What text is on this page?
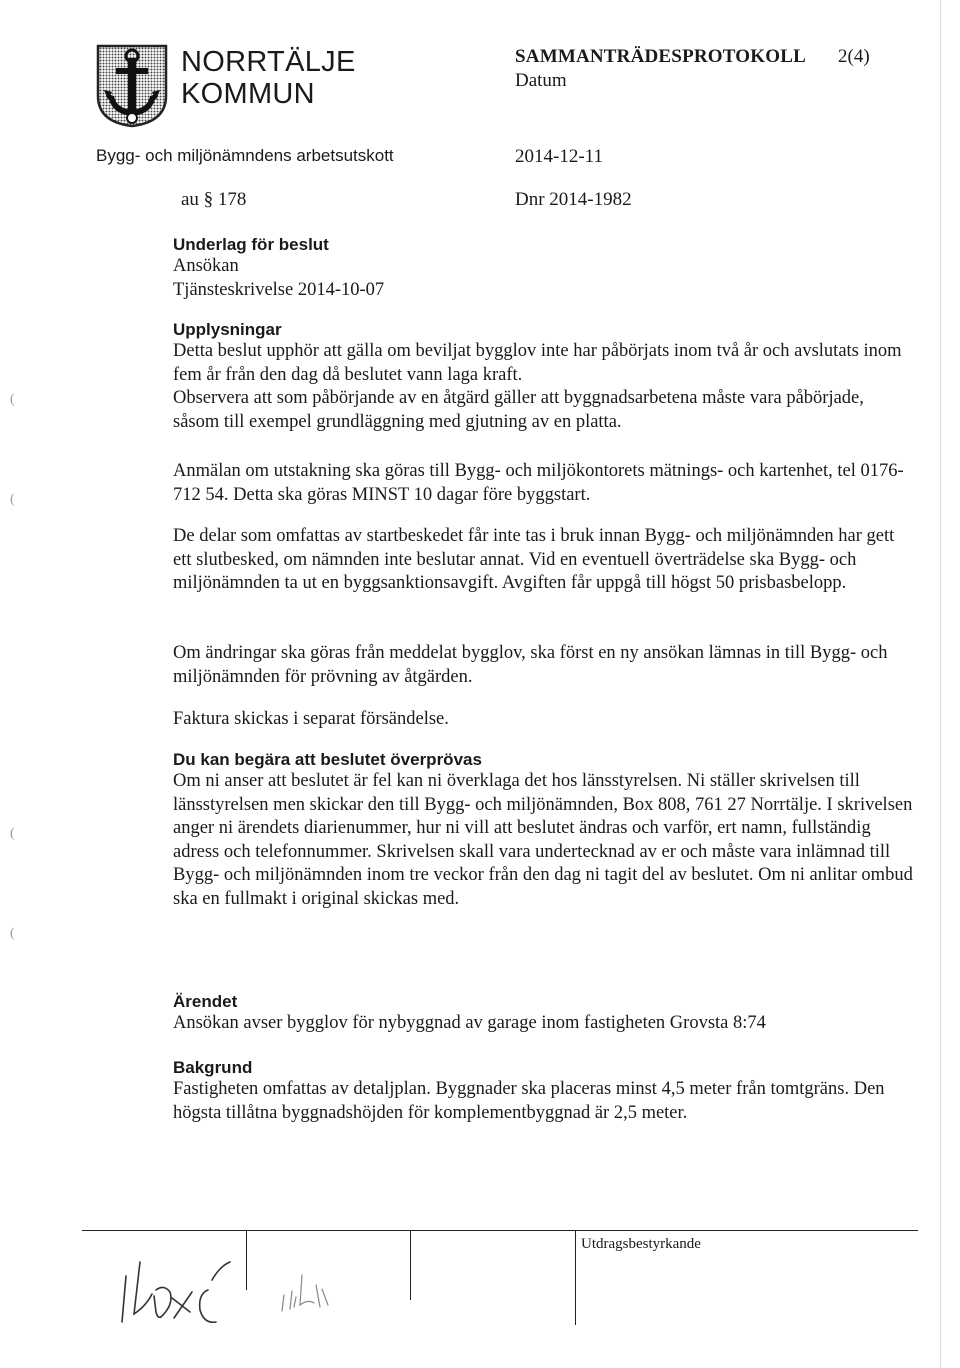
NORRTÄLJE
KOMMUN
SAMMANTRÄDESPROTOKOLL 2(4)
Datum
Bygg- och miljönämndens arbetsutskott	2014-12-11
au § 178	Dnr 2014-1982
Underlag för beslut
Ansökan
Tjänsteskrivelse 2014-10-07
Upplysningar
Detta beslut upphör att gälla om beviljat bygglov inte har påbörjats inom två år och avslutats inom fem år från den dag då beslutet vann laga kraft.
Observera att som påbörjande av en åtgärd gäller att byggnadsarbetena måste vara påbörjade, såsom till exempel grundläggning med gjutning av en platta.
Anmälan om utstakning ska göras till Bygg- och miljökontorets mätnings- och kartenhet, tel 0176-712 54. Detta ska göras MINST 10 dagar före byggstart.
De delar som omfattas av startbeskedet får inte tas i bruk innan Bygg- och miljönämnden har gett ett slutbesked, om nämnden inte beslutar annat. Vid en eventuell överträdelse ska Bygg- och miljönämnden ta ut en byggsanktionsavgift. Avgiften får uppgå till högst 50 prisbasbelopp.
Om ändringar ska göras från meddelat bygglov, ska först en ny ansökan lämnas in till Bygg- och miljönämnden för prövning av åtgärden.
Faktura skickas i separat försändelse.
Du kan begära att beslutet överprövas
Om ni anser att beslutet är fel kan ni överklaga det hos länsstyrelsen. Ni ställer skrivelsen till länsstyrelsen men skickar den till Bygg- och miljönämnden, Box 808, 761 27 Norrtälje. I skrivelsen anger ni ärendets diarienummer, hur ni vill att beslutet ändras och varför, ert namn, fullständig adress och telefonnummer. Skrivelsen skall vara undertecknad av er och måste vara inlämnad till Bygg- och miljönämnden inom tre veckor från den dag ni tagit del av beslutet. Om ni anlitar ombud ska en fullmakt i original skickas med.
Ärendet
Ansökan avser bygglov för nybyggnad av garage inom fastigheten Grovsta 8:74
Bakgrund
Fastigheten omfattas av detaljplan. Byggnader ska placeras minst 4,5 meter från tomtgräns. Den högsta tillåtna byggnadshöjden för komplementbyggnad är 2,5 meter.
(
(
(
(
Utdragsbestyrkande
